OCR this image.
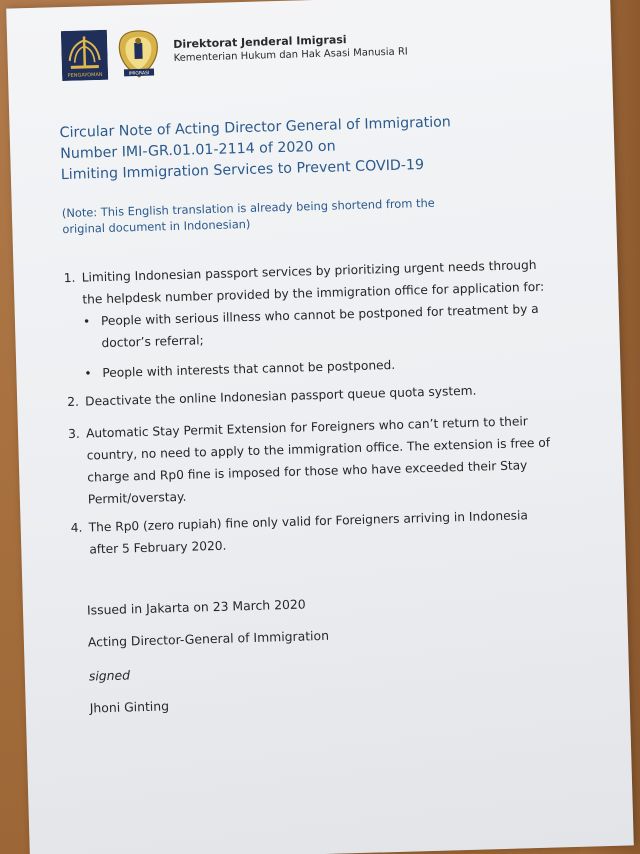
PENGAYOMAN	IMIGRASI
Direktorat Jenderal Imigrasi
Kementerian Hukum dan Hak Asasi Manusia RI
Circular Note of Acting Director General of Immigration
Number IMI-GR.01.01-2114 of 2020 on
Limiting Immigration Services to Prevent COVID-19
(Note: This English translation is already being shortend from the
original document in Indonesian)
1. Limiting Indonesian passport services by prioritizing urgent needs through
the helpdesk number provided by the immigration office for application for:
• People with serious illness who cannot be postponed for treatment by a
doctor’s referral;
• People with interests that cannot be postponed.
2. Deactivate the online Indonesian passport queue quota system.
3. Automatic Stay Permit Extension for Foreigners who can’t return to their
country, no need to apply to the immigration office. The extension is free of
charge and Rp0 fine is imposed for those who have exceeded their Stay
Permit/overstay.
4. The Rp0 (zero rupiah) fine only valid for Foreigners arriving in Indonesia
after 5 February 2020.
Issued in Jakarta on 23 March 2020
Acting Director-General of Immigration
signed
Jhoni Ginting
